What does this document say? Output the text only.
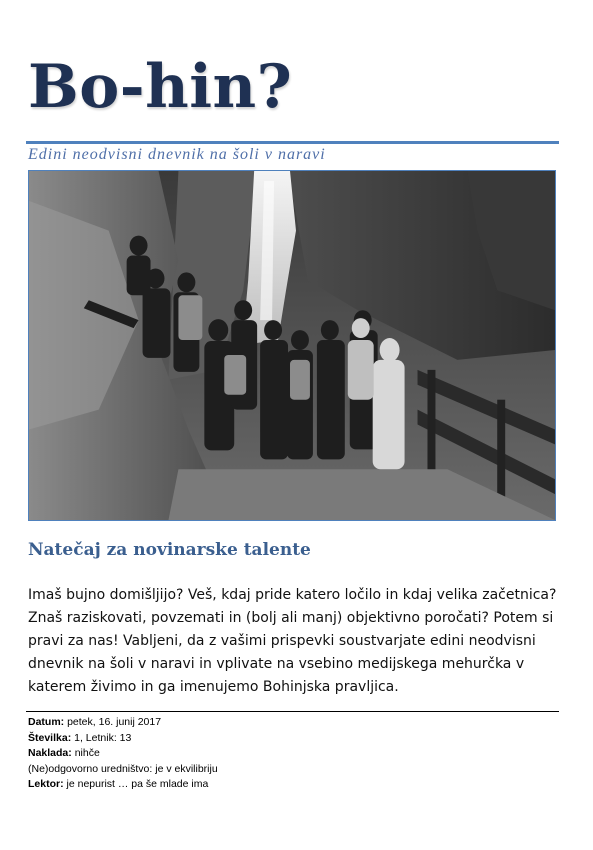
Bo-hin?
Edini neodvisni dnevnik na šoli v naravi
Natečaj za novinarske talente
Imaš bujno domišljijo? Veš, kdaj pride katero ločilo in kdaj velika začetnica? Znaš raziskovati, povzemati in (bolj ali manj) objektivno poročati? Potem si pravi za nas! Vabljeni, da z vašimi prispevki soustvarjate edini neodvisni dnevnik na šoli v naravi in vplivate na vsebino medijskega mehurčka v katerem živimo in ga imenujemo Bohinjska pravljica.
Datum: petek, 16. junij 2017
Številka: 1, Letnik: 13
Naklada: nihče
(Ne)odgovorno uredništvo: je v ekvilibriju
Lektor: je nepurist … pa še mlade ima
